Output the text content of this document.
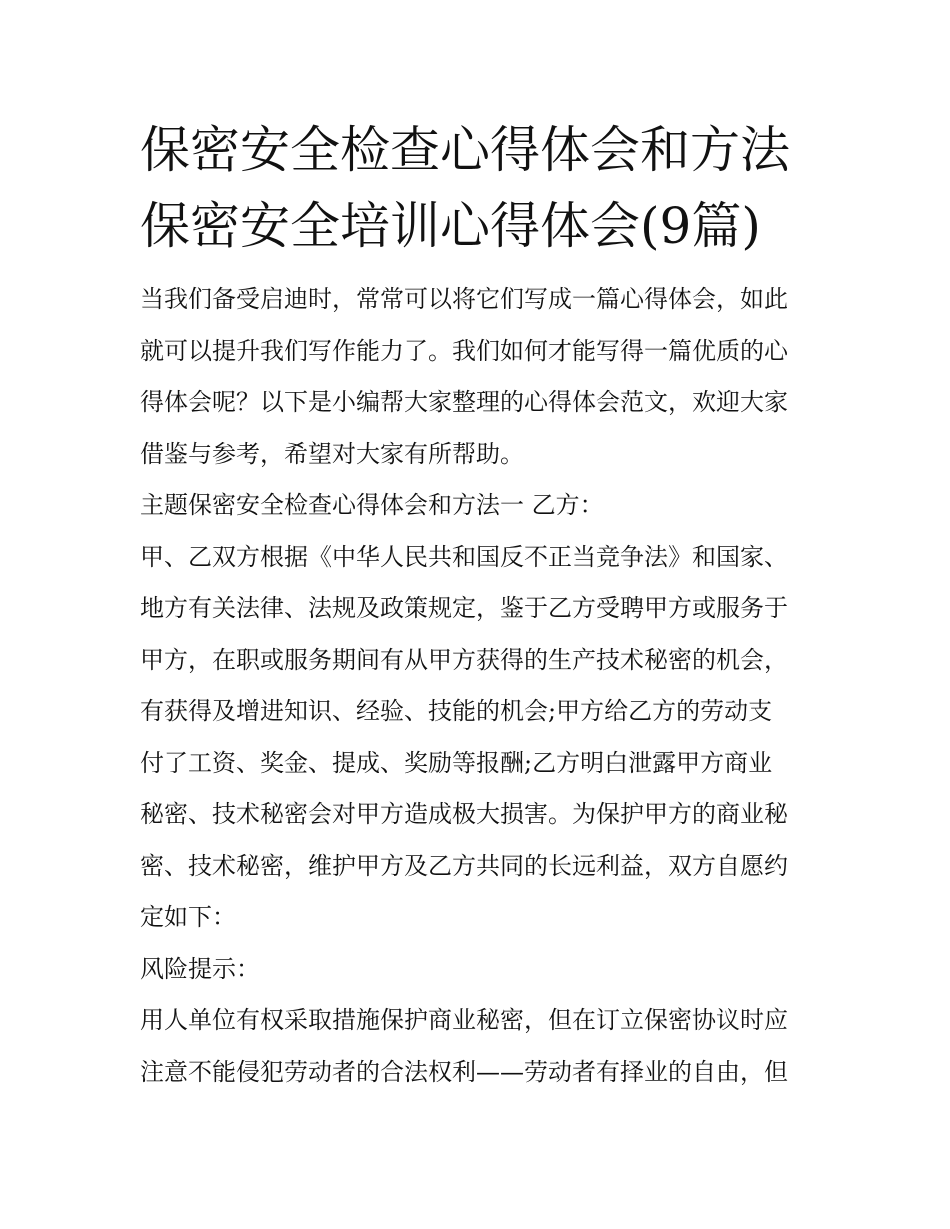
保密安全检查心得体会和方法
保密安全培训心得体会(9篇)
当我们备受启迪时，常常可以将它们写成一篇心得体会，如此
就可以提升我们写作能力了。我们如何才能写得一篇优质的心
得体会呢？以下是小编帮大家整理的心得体会范文，欢迎大家
借鉴与参考，希望对大家有所帮助。
主题保密安全检查心得体会和方法一 乙方：
甲、乙双方根据《中华人民共和国反不正当竞争法》和国家、
地方有关法律、法规及政策规定，鉴于乙方受聘甲方或服务于
甲方，在职或服务期间有从甲方获得的生产技术秘密的机会，
有获得及增进知识、经验、技能的机会;甲方给乙方的劳动支
付了工资、奖金、提成、奖励等报酬;乙方明白泄露甲方商业
秘密、技术秘密会对甲方造成极大损害。为保护甲方的商业秘
密、技术秘密，维护甲方及乙方共同的长远利益，双方自愿约
定如下：
风险提示：
用人单位有权采取措施保护商业秘密，但在订立保密协议时应
注意不能侵犯劳动者的合法权利——劳动者有择业的自由，但
